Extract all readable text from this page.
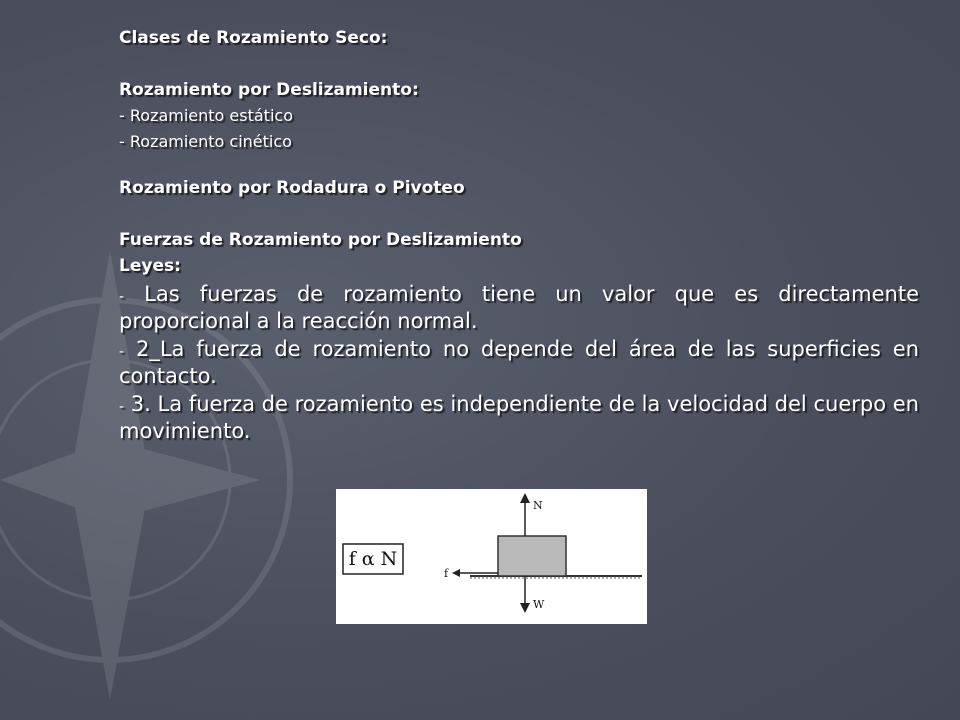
Clases de Rozamiento Seco:
Rozamiento por Deslizamiento:
- Rozamiento estático
- Rozamiento cinético
Rozamiento por Rodadura o Pivoteo
Fuerzas de Rozamiento por Deslizamiento
Leyes:

- Las fuerzas de rozamiento tiene un valor que es directamente proporcional a la reacción normal.

- 2_La fuerza de rozamiento no depende del área de las superficies en contacto.

- 3. La fuerza de rozamiento es independiente de la velocidad del cuerpo en movimiento.

f α N
N
W
f
